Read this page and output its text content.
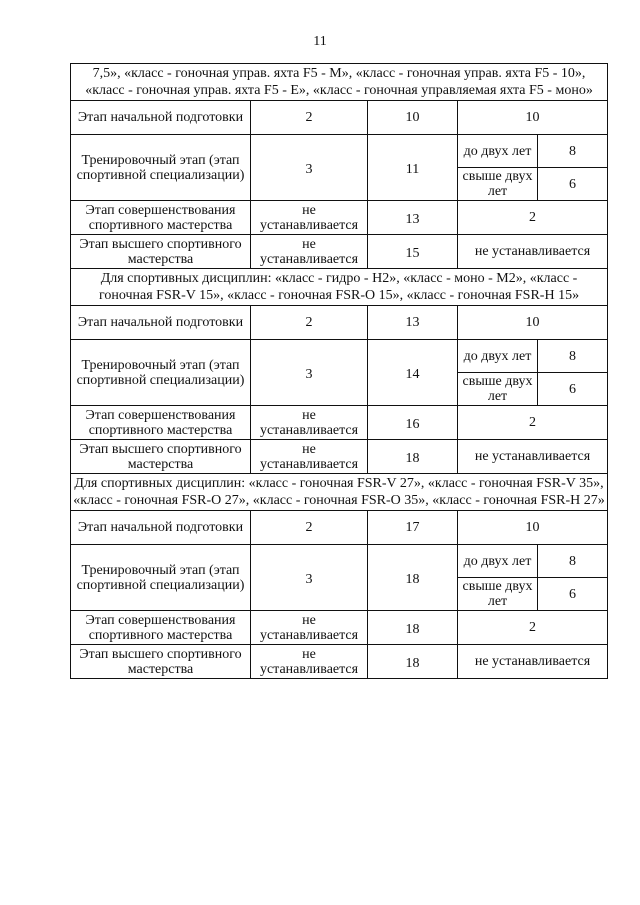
11
7,5», «класс - гоночная управ. яхта F5 - M», «класс - гоночная управ. яхта F5 - 10», «класс - гоночная управ. яхта F5 - E», «класс - гоночная управляемая яхта F5 - моно»				
Этап начальной подготовки	2	10	10	
Тренировочный этап (этап спортивной специализации)	3	11	до двух лет	8
			свыше двух лет	6
Этап совершенствования спортивного мастерства	не устанавливается	13	2	
Этап высшего спортивного мастерства	не устанавливается	15	не устанавливается	
Для спортивных дисциплин: «класс - гидро - H2», «класс - моно - M2», «класс - гоночная FSR-V 15», «класс - гоночная FSR-O 15», «класс - гоночная FSR-H 15»				
Этап начальной подготовки	2	13	10	
Тренировочный этап (этап спортивной специализации)	3	14	до двух лет	8
			свыше двух лет	6
Этап совершенствования спортивного мастерства	не устанавливается	16	2	
Этап высшего спортивного мастерства	не устанавливается	18	не устанавливается	
Для спортивных дисциплин: «класс - гоночная FSR-V 27», «класс - гоночная FSR-V 35», «класс - гоночная FSR-O 27», «класс - гоночная FSR-O 35», «класс - гоночная FSR-H 27»				
Этап начальной подготовки	2	17	10	
Тренировочный этап (этап спортивной специализации)	3	18	до двух лет	8
			свыше двух лет	6
Этап совершенствования спортивного мастерства	не устанавливается	18	2	
Этап высшего спортивного мастерства	не устанавливается	18	не устанавливается	
